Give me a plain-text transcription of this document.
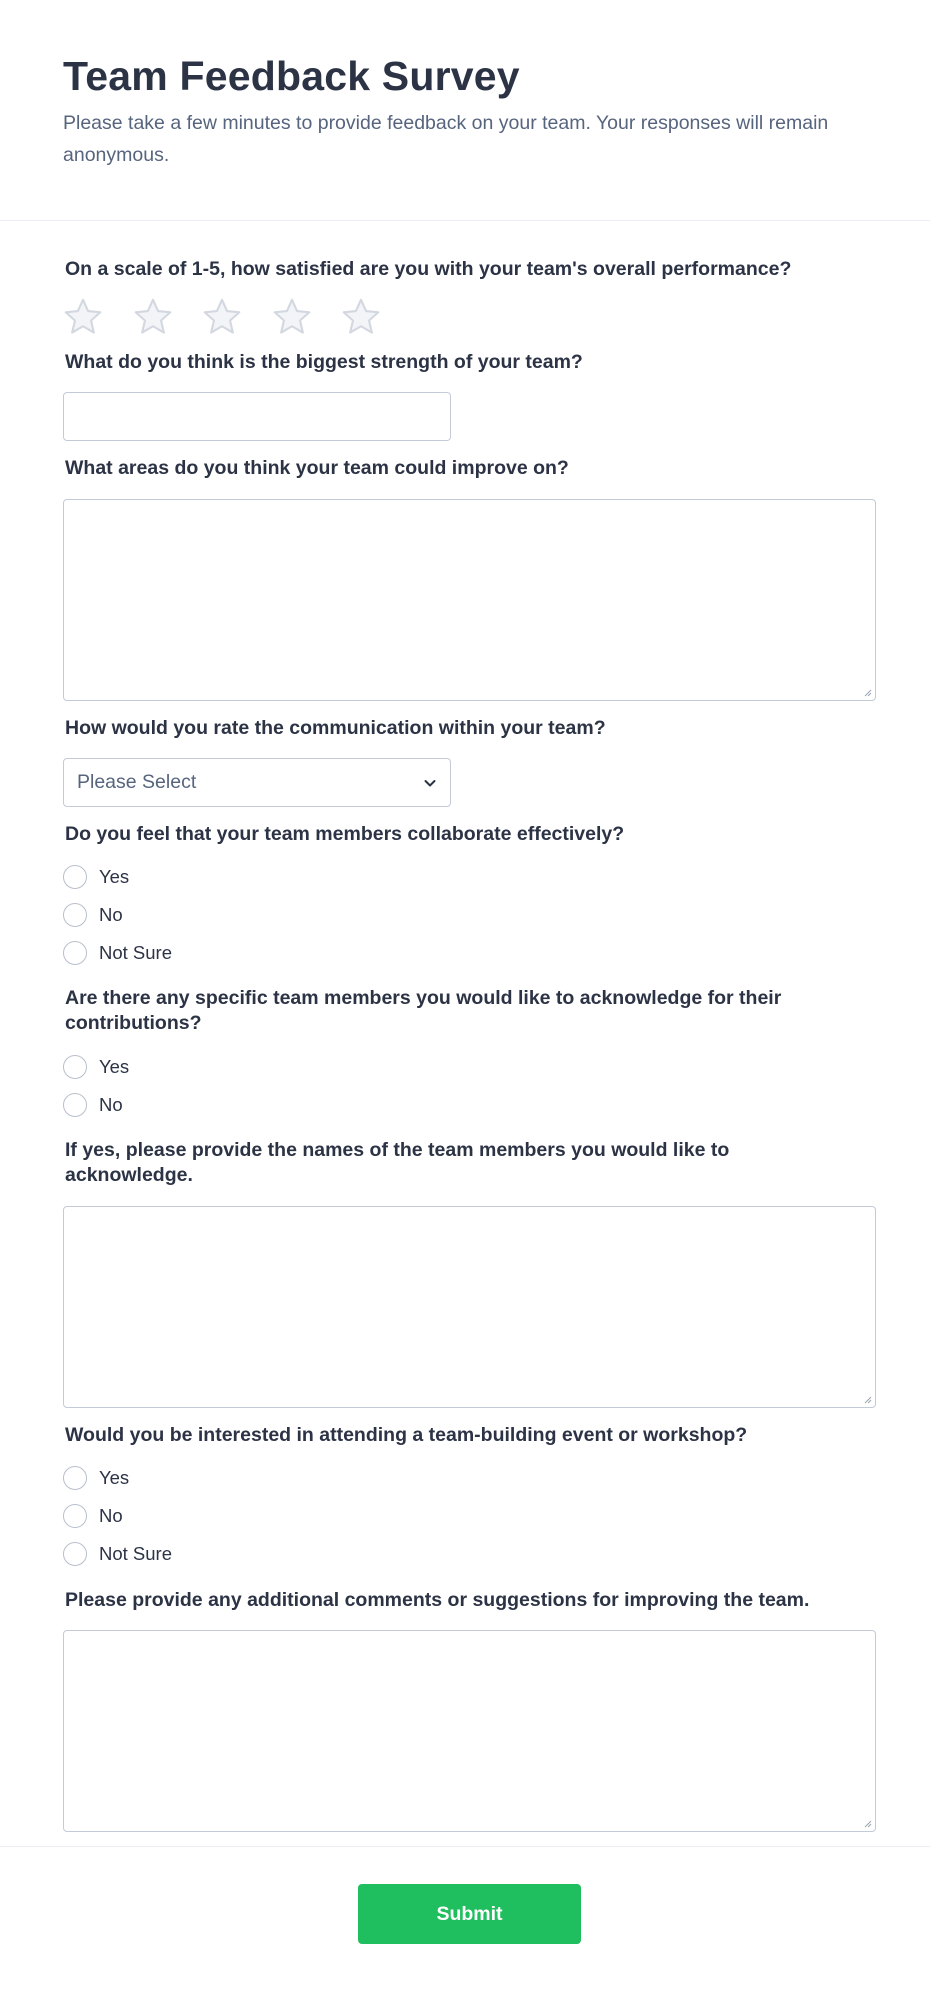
Team Feedback Survey

Please take a few minutes to provide feedback on your team. Your responses will remain anonymous.

On a scale of 1-5, how satisfied are you with your team's overall performance?
What do you think is the biggest strength of your team?
What areas do you think your team could improve on?
How would you rate the communication within your team?
Please Select
Do you feel that your team members collaborate effectively?
Yes
No
Not Sure
Are there any specific team members you would like to acknowledge for their contributions?
Yes
No
If yes, please provide the names of the team members you would like to acknowledge.
Would you be interested in attending a team-building event or workshop?
Yes
No
Not Sure
Please provide any additional comments or suggestions for improving the team.
Submit
